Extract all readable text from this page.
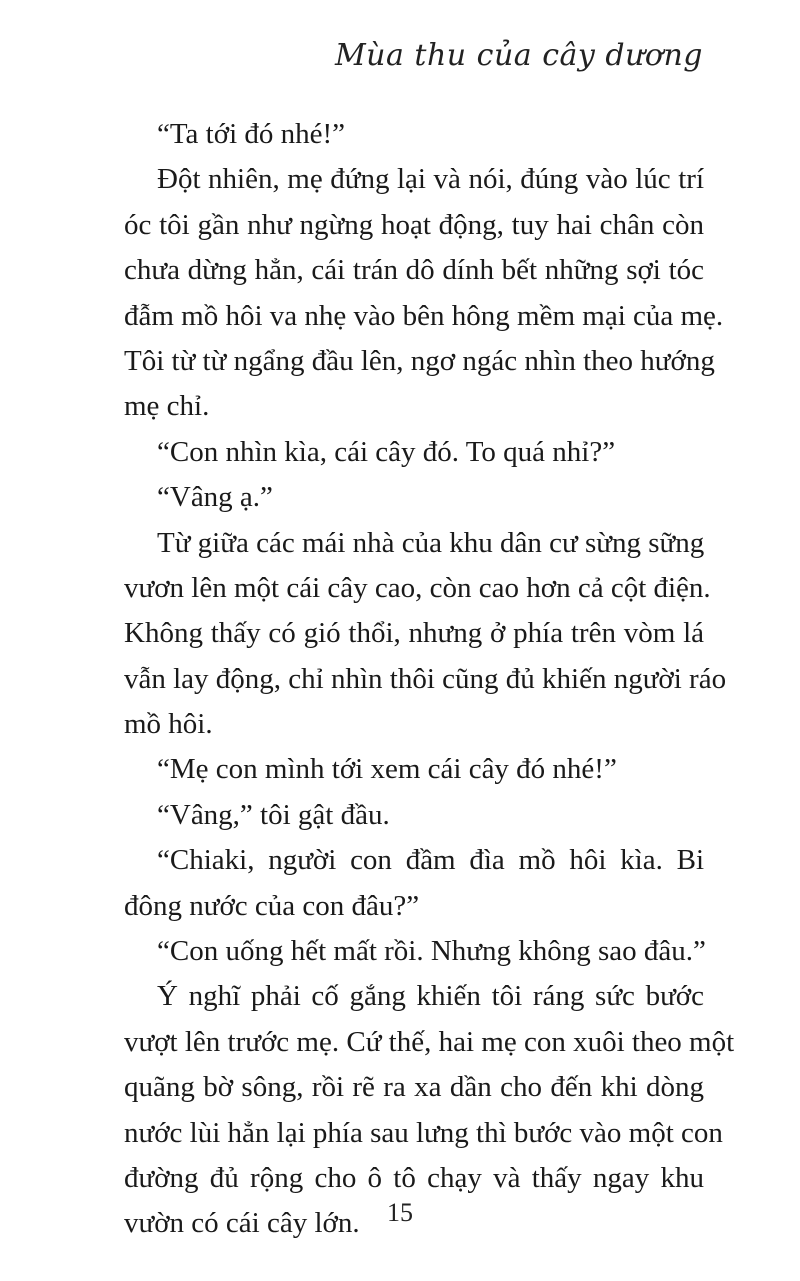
Mùa thu của cây dương
“Ta tới đó nhé!”
Đột nhiên, mẹ đứng lại và nói, đúng vào lúc trí
óc tôi gần như ngừng hoạt động, tuy hai chân còn
chưa dừng hẳn, cái trán dô dính bết những sợi tóc
đẫm mồ hôi va nhẹ vào bên hông mềm mại của mẹ.
Tôi từ từ ngẩng đầu lên, ngơ ngác nhìn theo hướng
mẹ chỉ.
“Con nhìn kìa, cái cây đó. To quá nhỉ?”
“Vâng ạ.”
Từ giữa các mái nhà của khu dân cư sừng sững
vươn lên một cái cây cao, còn cao hơn cả cột điện.
Không thấy có gió thổi, nhưng ở phía trên vòm lá
vẫn lay động, chỉ nhìn thôi cũng đủ khiến người ráo
mồ hôi.
“Mẹ con mình tới xem cái cây đó nhé!”
“Vâng,” tôi gật đầu.
“Chiaki, người con đầm đìa mồ hôi kìa. Bi
đông nước của con đâu?”
“Con uống hết mất rồi. Nhưng không sao đâu.”
Ý nghĩ phải cố gắng khiến tôi ráng sức bước
vượt lên trước mẹ. Cứ thế, hai mẹ con xuôi theo một
quãng bờ sông, rồi rẽ ra xa dần cho đến khi dòng
nước lùi hẳn lại phía sau lưng thì bước vào một con
đường đủ rộng cho ô tô chạy và thấy ngay khu
vườn có cái cây lớn.	15
